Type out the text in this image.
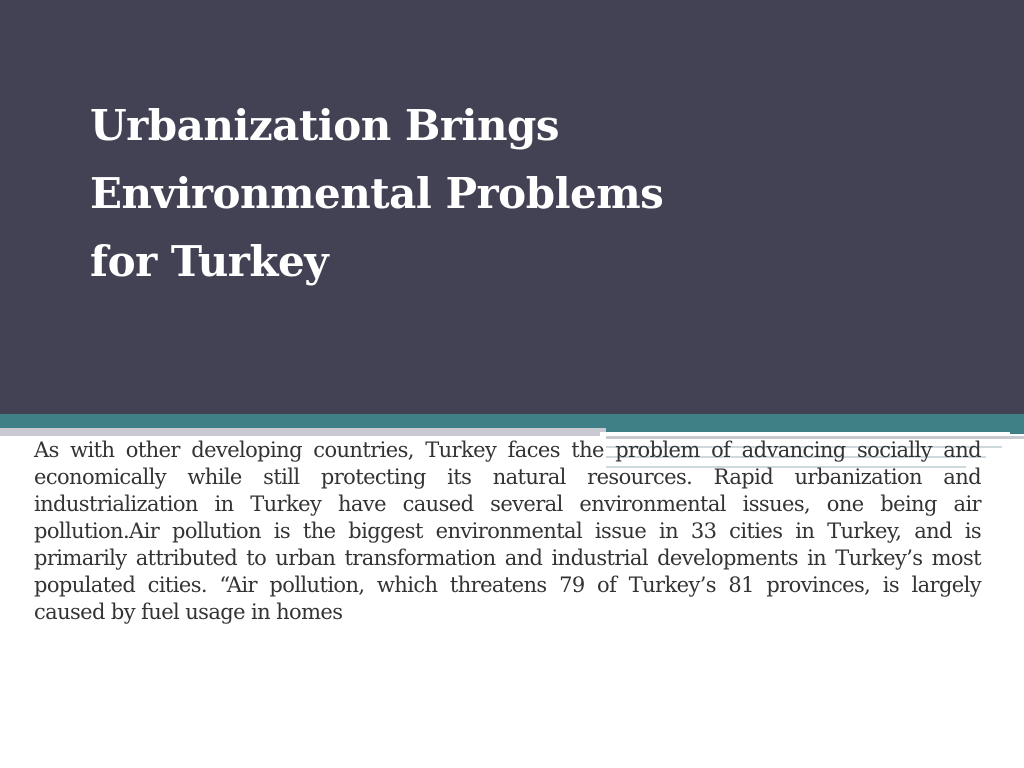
Urbanization Brings
Environmental Problems
for Turkey

As with other developing countries, Turkey faces the problem of advancing socially and economically while still protecting its natural resources. Rapid urbanization and industrialization in Turkey have caused several environmental issues, one being air pollution.Air pollution is the biggest environmental issue in 33 cities in Turkey, and is primarily attributed to urban transformation and industrial developments in Turkey’s most populated cities. “Air pollution, which threatens 79 of Turkey’s 81 provinces, is largely caused by fuel usage in homes
